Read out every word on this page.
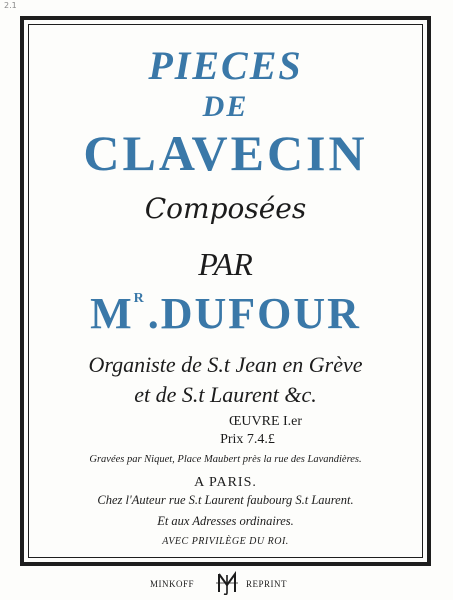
2.1
PIECES
DE
CLAVECIN
Composées
PAR
$M^R.DUFOUR$
Organiste de S.t Jean en Grève
et de S.t Laurent &c.
ŒUVRE I.er
Prix 7.4.£
Gravées par Niquet, Place Maubert près la rue des Lavandières.
A PARIS.
Chez l'Auteur rue S.t Laurent faubourg S.t Laurent.
Et aux Adresses ordinaires.
AVEC PRIVILÈGE DU ROI.
MINKOFF	REPRINT
